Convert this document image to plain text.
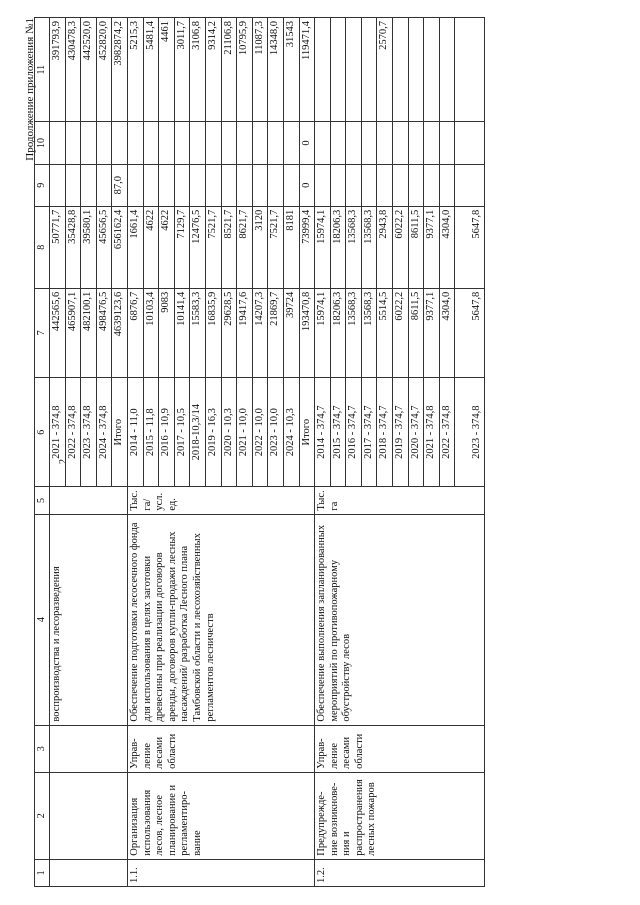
2
Продолжение приложения №1
1	2	3	4	5	6	7	8	9	10	11
			воспроизводства и лесоразведения		2021 - 374,8	442565,6	50771,7			391793,9
					2022 - 374,8	465907,1	35428,8			430478,3
					2023 - 374,8	482100,1	39580,1			442520,0
					2024 - 374,8	498476,5	45656,5			452820,0
					Итого	4639123,6	656162,4	87,0		3982874,2
1.1.	Организация использования лесов, лесное планирование и регламентиро-вание	Управ-ление лесами области	Обеспечение подготовки лесосечного фонда для использования в целях заготовки древесины при реализации договоров аренды, договоров купли-продажи лесных насаждений/ разработка Лесного плана Тамбовской области и лесохозяйственных регламентов лесничеств	Тыс. га/ усл. ед.	2014 - 11,0	6876,7	1661,4			5215,3
					2015 - 11,8	10103,4	4622			5481,4
					2016 - 10,9	9083	4622			4461
					2017 - 10,5	10141,4	7129,7			3011,7
					2018-10,3/14	15583,3	12476,5			3106,8
					2019 - 16,3	16835,9	7521,7			9314,2
					2020 - 10,3	29628,5	8521,7			21106,8
					2021 - 10,0	19417,6	8621,7			10795,9
					2022 - 10,0	14207,3	3120			11087,3
					2023 - 10,0	21869,7	7521,7			14348,0
					2024 - 10,3	39724	8181			31543
					Итого	193470,8	73999,4	0	0	119471,4
1.2.	Предупрежде-ние возникнове-ния и распространения лесных пожаров	Управ-ление лесами области	Обеспечение выполнения запланированных мероприятий по противопожарному обустройству лесов	Тыс. га	2014 - 374,7	15974,1	15974,1			
					2015 - 374,7	18206,3	18206,3			
					2016 - 374,7	13568,3	13568,3			
					2017 - 374,7	13568,3	13568,3			
					2018 - 374,7	5514,5	2943,8			2570,7
					2019 - 374,7	6022,2	6022,2			
					2020 - 374,7	8611,5	8611,5			
					2021 - 374,8	9377,1	9377,1			
					2022 - 374,8	4304,0	4304,0			
					2023 - 374,8	5647,8	5647,8			
